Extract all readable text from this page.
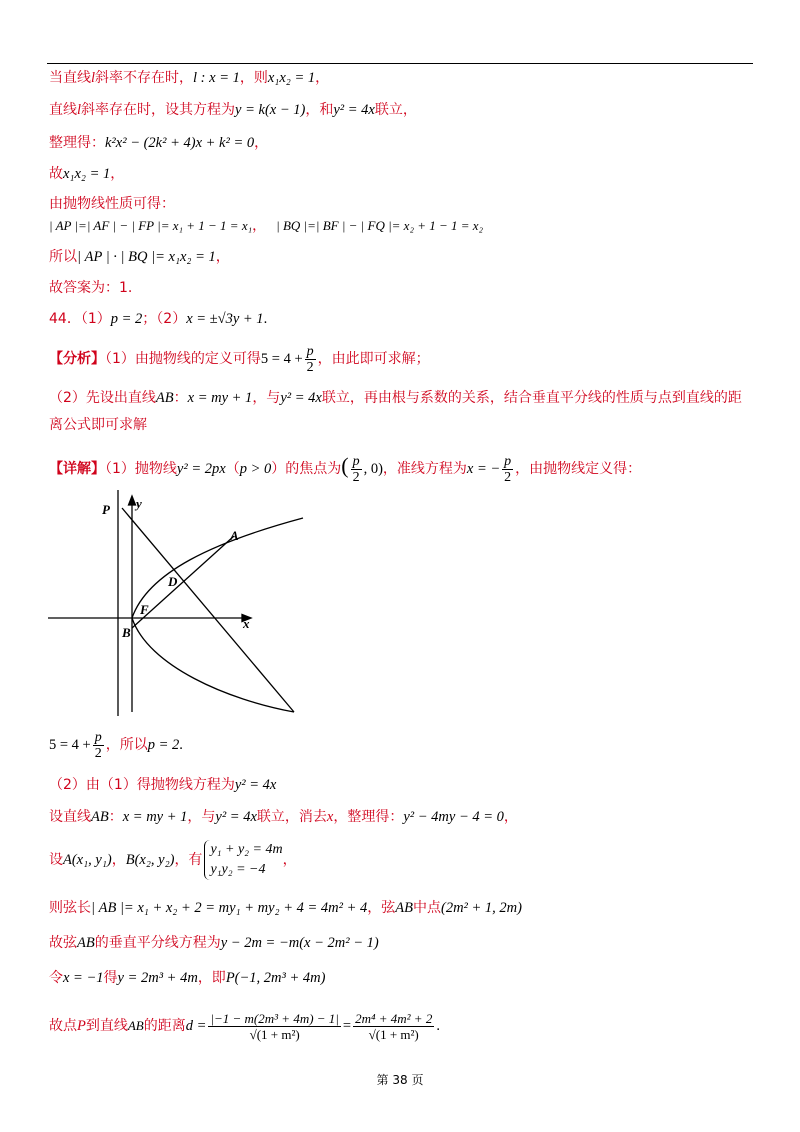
当直线l斜率不存在时，l : x = 1，则x₁x₂ = 1，
直线l斜率存在时，设其方程为y = k(x − 1)，和y² = 4x联立，
整理得：k²x² − (2k² + 4)x + k² = 0，
故x₁x₂ = 1，
由抛物线性质可得：
| AP |=| AF | − | FP |= x₁ + 1 − 1 = x₁， | BQ |=| BF | − | FQ |= x₂ + 1 − 1 = x₂
所以| AP | · | BQ |= x₁x₂ = 1，
故答案为：1.
44．（1）p = 2；（2）x = ±√3y + 1.
【分析】（1）由抛物线的定义可得$5 = 4 + \frac{p}{2}$ ，由此即可求解；
（2）先设出直线AB：x = my + 1，与y² = 4x联立，再由根与系数的关系，结合垂直平分线的性质与点到直线的距
离公式即可求解
【详解】（1）抛物线y² = 2px（p > 0）的焦点为( $\frac{p}{2}$ , 0)，准线方程为x = − $\frac{p}{2}$ ，由抛物线定义得：
P y
A
D
F
B
x
$5 = 4 + \frac{p}{2}$ ，所以p = 2.
（2）由（1）得抛物线方程为y² = 4x
设直线AB：x = my + 1，与y² = 4x联立，消去x，整理得：y² − 4my − 4 = 0，
设A(x₁, y₁)，B(x₂, y₂)，有
y₁ + y₂ = 4m
y₁y₂ = −4
，
则弦长| AB |= x₁ + x₂ + 2 = my₁ + my₂ + 4 = 4m² + 4，弦AB中点(2m² + 1, 2m)
故弦AB的垂直平分线方程为y − 2m = −m(x − 2m² − 1)
令x = −1得y = 2m³ + 4m，即P(−1, 2m³ + 4m)
故点P到直线AB的距离$d = \frac{\text{|−1 − m(2m³ + 4m) − 1|}}{\text{√(1 + m²)}} = \frac{\text{2m⁴ + 4m² + 2}}{\text{√(1 + m²)}}$ .
第 38 页
